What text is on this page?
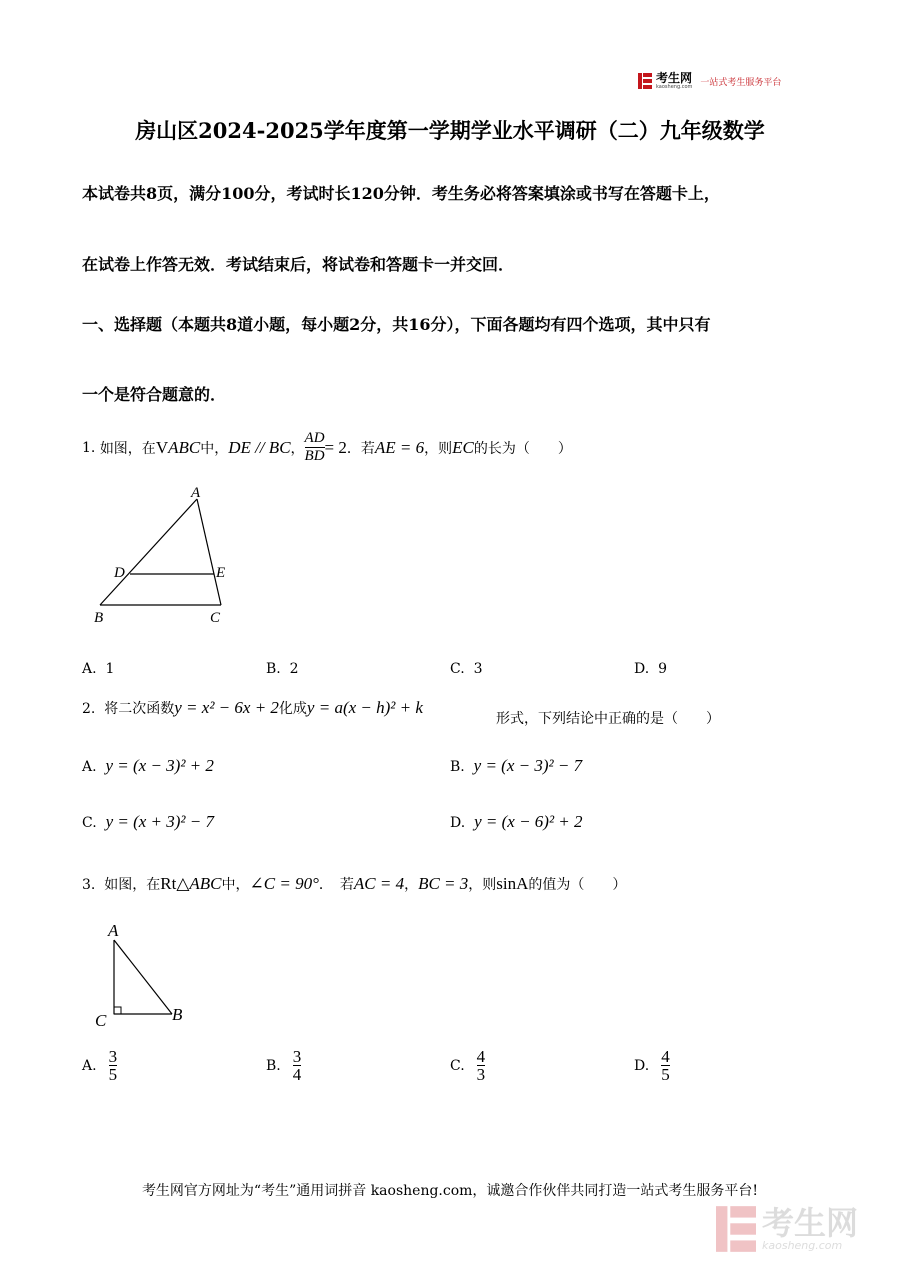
考生网
kaosheng.com 一站式考生服务平台
房山区2024-2025学年度第一学期学业水平调研（二）九年级数学
本试卷共8页，满分100分，考试时长120分钟．考生务必将答案填涂或书写在答题卡上，
在试卷上作答无效．考试结束后，将试卷和答题卡一并交回．
一、选择题（本题共8道小题，每小题2分，共16分），下面各题均有四个选项，其中只有
一个是符合题意的．
1.
如图，在 V ABC 中， DE // BC ， $\frac{AD}{BD} = 2$ ．若 AE = 6 ，则 EC 的长为（　　）
A
D	E
B	C
A. 1	B. 2	C. 3	D. 9
2. 将二次函数y = x² − 6x + 2化成y = a(x − h)² + k
形式，下列结论中正确的是（　　）
A. y = (x − 3)² + 2	B. y = (x − 3)² − 7
C. y = (x + 3)² − 7	D. y = (x − 6)² + 2
3. 如图，在Rt△ABC中，∠C = 90°．　若AC = 4，BC = 3，则sinA的值为（　　）
A
C	B
A. $\frac{3}{5}$	B. $\frac{3}{4}$	C. $\frac{4}{3}$	D. $\frac{4}{5}$
考生网官方网址为“考生”通用词拼音 kaosheng.com，诚邀合作伙伴共同打造一站式考生服务平台!
考生网
kaosheng.com
